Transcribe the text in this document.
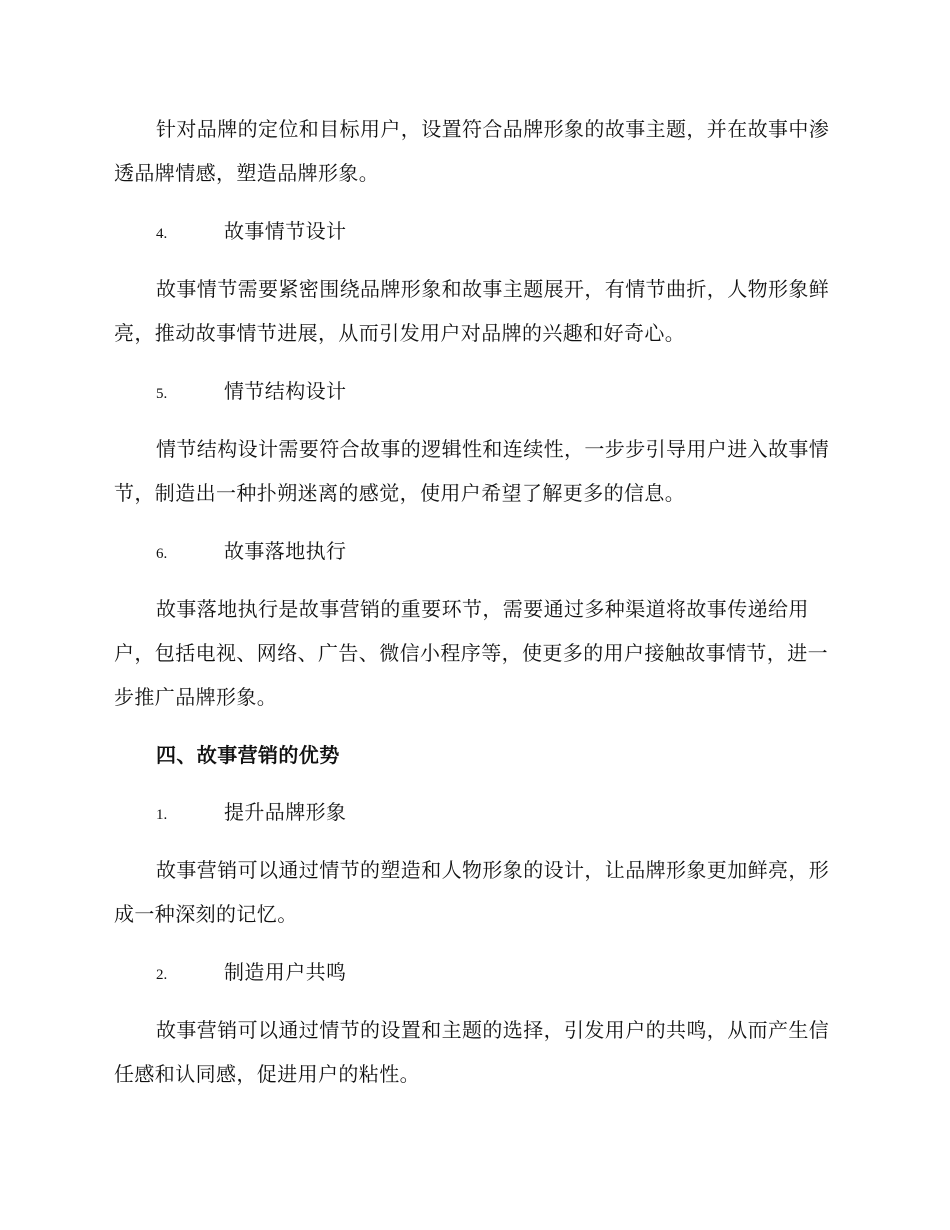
针对品牌的定位和目标用户，设置符合品牌形象的故事主题，并在故事中渗透品牌情感，塑造品牌形象。

4.	故事情节设计

故事情节需要紧密围绕品牌形象和故事主题展开，有情节曲折，人物形象鲜亮，推动故事情节进展，从而引发用户对品牌的兴趣和好奇心。

5.	情节结构设计

情节结构设计需要符合故事的逻辑性和连续性，一步步引导用户进入故事情节，制造出一种扑朔迷离的感觉，使用户希望了解更多的信息。

6.	故事落地执行

故事落地执行是故事营销的重要环节，需要通过多种渠道将故事传递给用户，包括电视、网络、广告、微信小程序等，使更多的用户接触故事情节，进一步推广品牌形象。

四、故事营销的优势
1.	提升品牌形象

故事营销可以通过情节的塑造和人物形象的设计，让品牌形象更加鲜亮，形成一种深刻的记忆。

2.	制造用户共鸣

故事营销可以通过情节的设置和主题的选择，引发用户的共鸣，从而产生信任感和认同感，促进用户的粘性。
